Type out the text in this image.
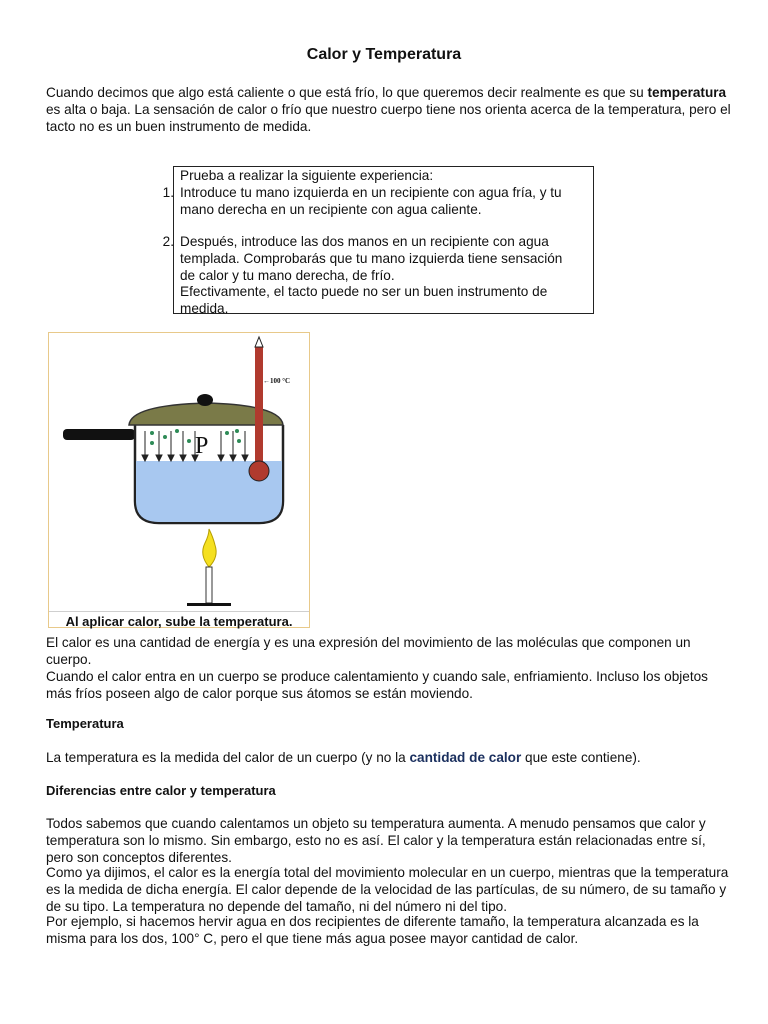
Calor y Temperatura
Cuando decimos que algo está caliente o que está frío, lo que queremos decir realmente es que su temperatura es alta o baja. La sensación de calor o frío que nuestro cuerpo tiene nos orienta acerca de la temperatura, pero el tacto no es un buen instrumento de medida.
Prueba a realizar la siguiente experiencia:
1. Introduce tu mano izquierda en un recipiente con agua fría, y tu mano derecha en un recipiente con agua caliente.
2. Después, introduce las dos manos en un recipiente con agua templada. Comprobarás que tu mano izquierda tiene sensación de calor y tu mano derecha, de frío.
Efectivamente, el tacto puede no ser un buen instrumento de medida.
P
←100 °C
Al aplicar calor, sube la temperatura.
El calor es una cantidad de energía y es una expresión del movimiento de las moléculas que componen un cuerpo.
Cuando el calor entra en un cuerpo se produce calentamiento y cuando sale, enfriamiento. Incluso los objetos más fríos poseen algo de calor porque sus átomos se están moviendo.
Temperatura
La temperatura es la medida del calor de un cuerpo (y no la cantidad de calor que este contiene).
Diferencias entre calor y temperatura
Todos sabemos que cuando calentamos un objeto su temperatura aumenta. A menudo pensamos que calor y temperatura son lo mismo. Sin embargo, esto no es así. El calor y la temperatura están relacionadas entre sí, pero son conceptos diferentes.
Como ya dijimos, el calor es la energía total del movimiento molecular en un cuerpo, mientras que la temperatura es la medida de dicha energía. El calor depende de la velocidad de las partículas, de su número, de su tamaño y de su tipo. La temperatura no depende del tamaño, ni del número ni del tipo.
Por ejemplo, si hacemos hervir agua en dos recipientes de diferente tamaño, la temperatura alcanzada es la misma para los dos, 100° C, pero el que tiene más agua posee mayor cantidad de calor.
